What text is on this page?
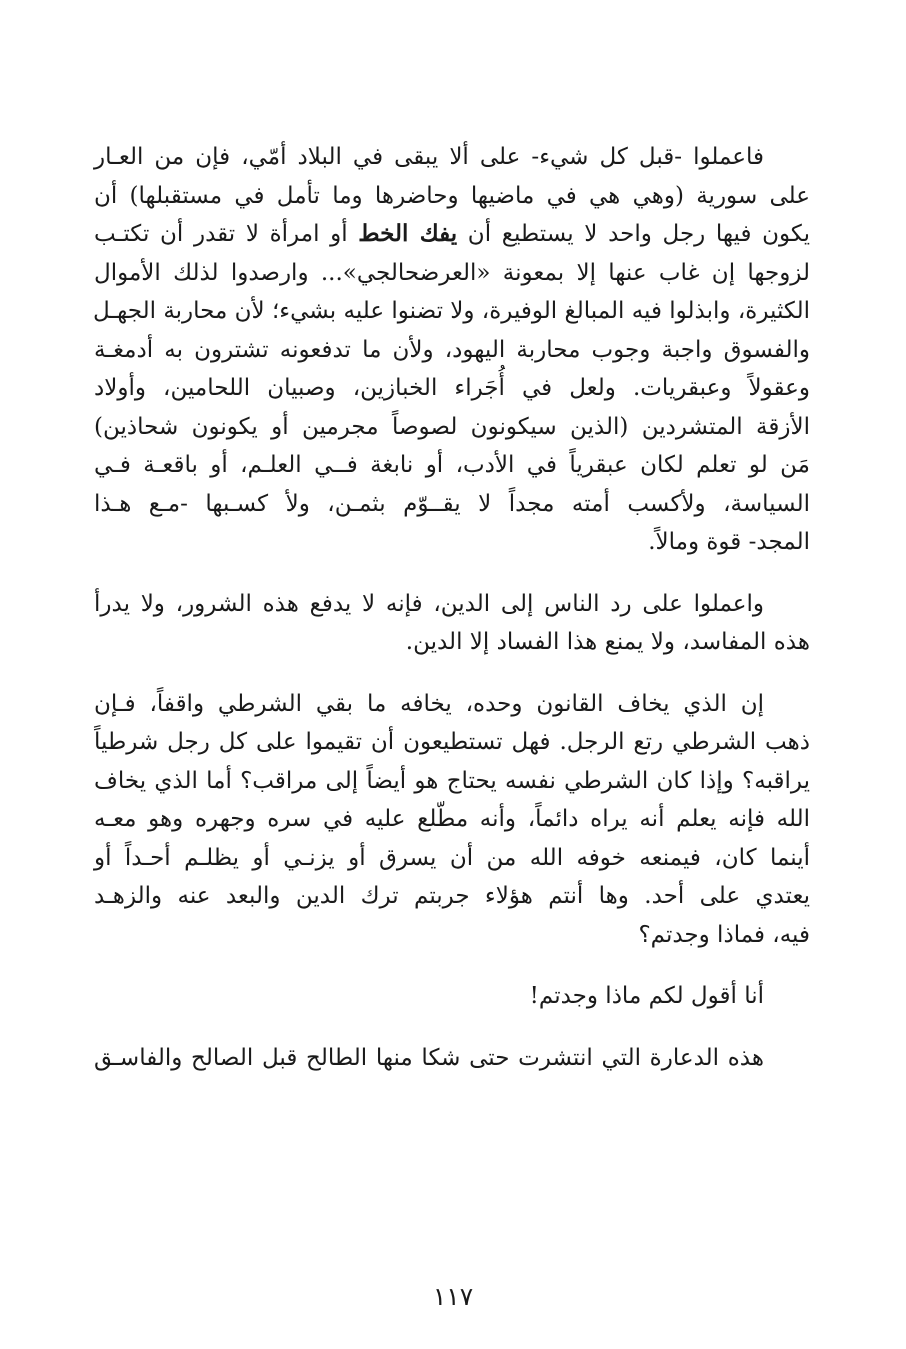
فاعملوا -قبل كل شيء- على ألا يبقى في البلاد أمّي، فإن من العـار
على سورية (وهي هي في ماضيها وحاضرها وما تأمل في مستقبلها) أن
يكون فيها رجل واحد لا يستطيع أن يفك الخط أو امرأة لا تقدر أن تكتـب
لزوجها إن غاب عنها إلا بمعونة «العرضحالجي»... وارصدوا لذلك الأموال
الكثيرة، وابذلوا فيه المبالغ الوفيرة، ولا تضنوا عليه بشيء؛ لأن محاربة الجهـل
والفسوق واجبة وجوب محاربة اليهود، ولأن ما تدفعونه تشترون به أدمغـة
وعقولاً وعبقريات. ولعل في أُجَراء الخبازين، وصبيان اللحامين، وأولاد
الأزقة المتشردين (الذين سيكونون لصوصاً مجرمين أو يكونون شحاذين)
مَن لو تعلم لكان عبقرياً في الأدب، أو نابغة فــي العلـم، أو باقعـة فـي
السياسة، ولأكسب أمته مجداً لا يقــوّم بثمـن، ولأ كسـبها -مـع هـذا
المجد- قوة ومالاً.

واعملوا على رد الناس إلى الدين، فإنه لا يدفع هذه الشرور، ولا يدرأ
هذه المفاسد، ولا يمنع هذا الفساد إلا الدين.

إن الذي يخاف القانون وحده، يخافه ما بقي الشرطي واقفاً، فـإن
ذهب الشرطي رتع الرجل. فهل تستطيعون أن تقيموا على كل رجل شرطياً
يراقبه؟ وإذا كان الشرطي نفسه يحتاج هو أيضاً إلى مراقب؟ أما الذي يخاف
الله فإنه يعلم أنه يراه دائماً، وأنه مطّلع عليه في سره وجهره وهو معـه
أينما كان، فيمنعه خوفه الله من أن يسرق أو يزنـي أو يظلـم أحـداً أو
يعتدي على أحد. وها أنتم هؤلاء جربتم ترك الدين والبعد عنه والزهـد
فيه، فماذا وجدتم؟

أنا أقول لكم ماذا وجدتم!

هذه الدعارة التي انتشرت حتى شكا منها الطالح قبل الصالح والفاسـق

١١٧
